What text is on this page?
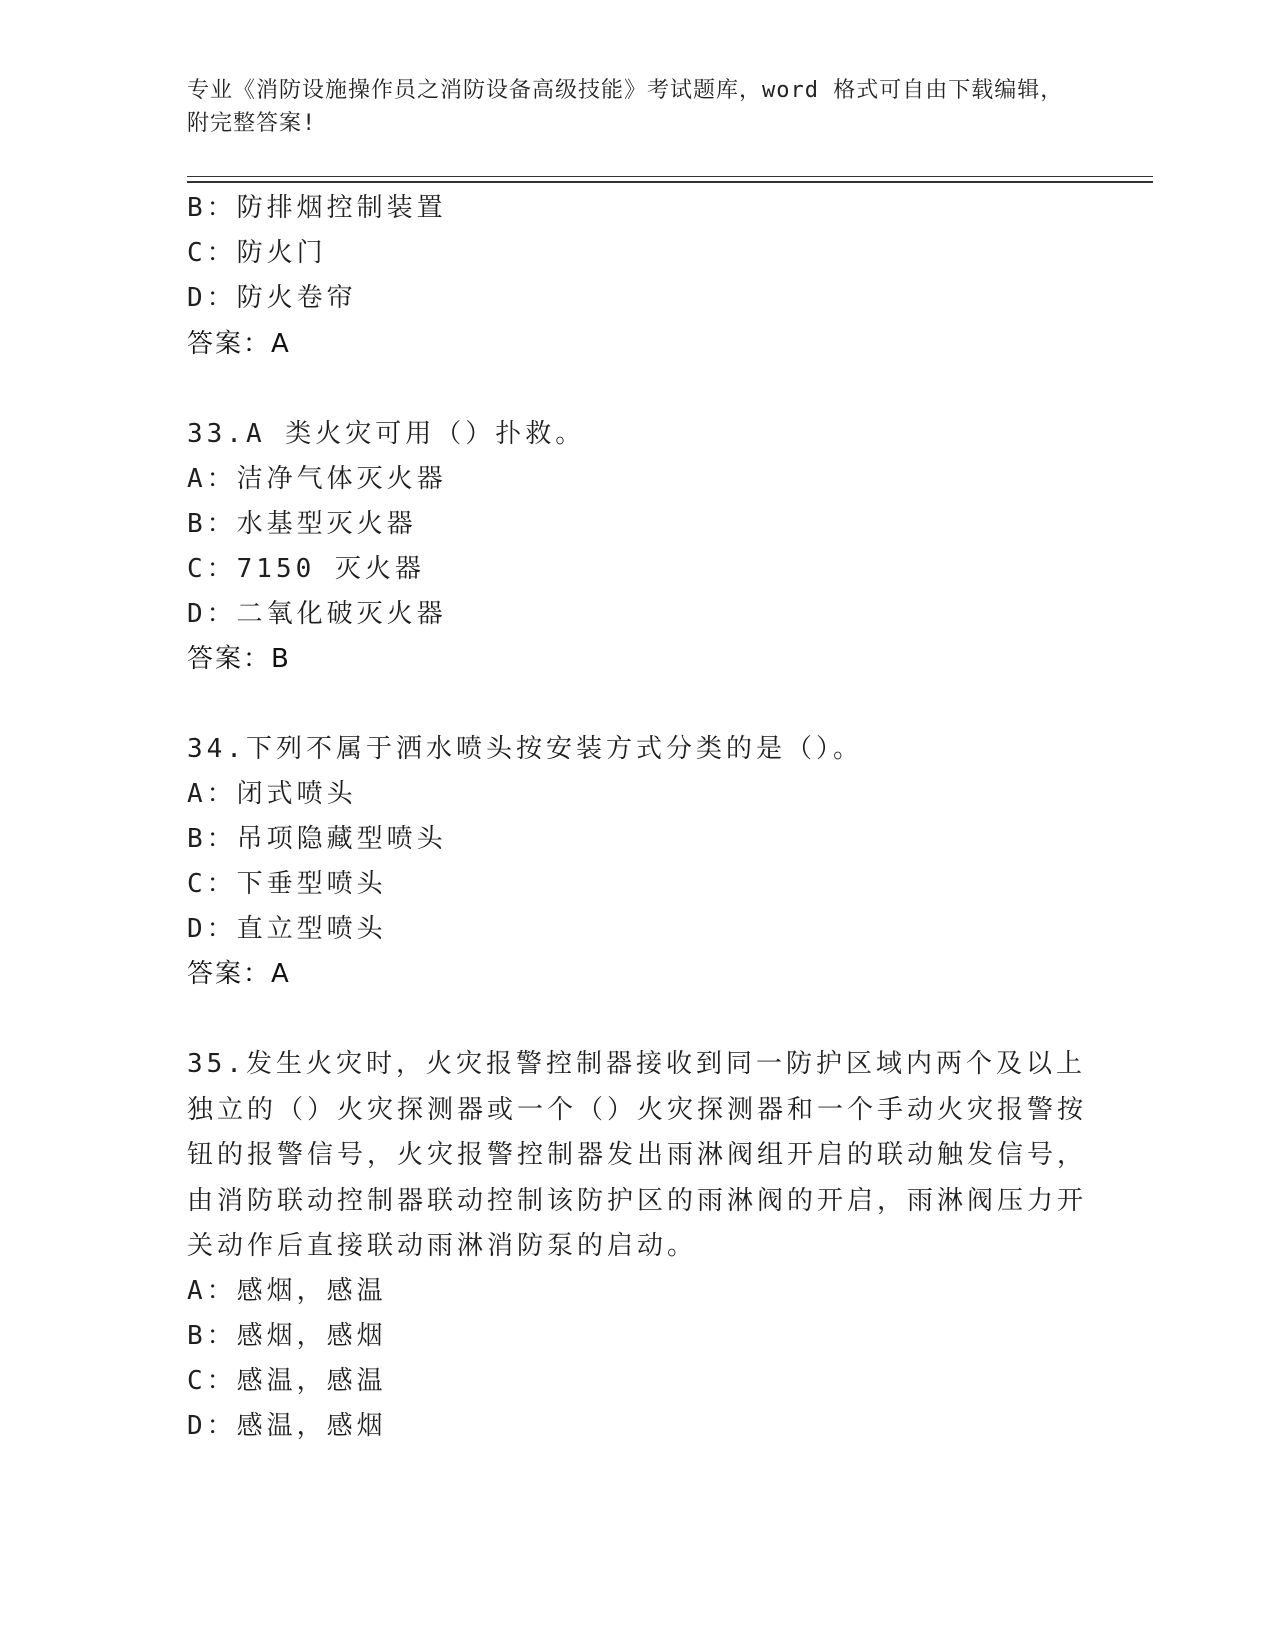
专业《消防设施操作员之消防设备高级技能》考试题库，word 格式可自由下载编辑，附完整答案!
B：防排烟控制装置
C：防火门
D：防火卷帘
答案：A
33.A 类火灾可用（）扑救。
A：洁净气体灭火器
B：水基型灭火器
C：7150 灭火器
D：二氧化破灭火器
答案：B
34.下列不属于洒水喷头按安装方式分类的是（）。
A：闭式喷头
B：吊项隐藏型喷头
C：下垂型喷头
D：直立型喷头
答案：A
35.发生火灾时，火灾报警控制器接收到同一防护区域内两个及以上独立的（）火灾探测器或一个（）火灾探测器和一个手动火灾报警按钮的报警信号，火灾报警控制器发出雨淋阀组开启的联动触发信号，由消防联动控制器联动控制该防护区的雨淋阀的开启，雨淋阀压力开关动作后直接联动雨淋消防泵的启动。
A：感烟，感温
B：感烟，感烟
C：感温，感温
D：感温，感烟
